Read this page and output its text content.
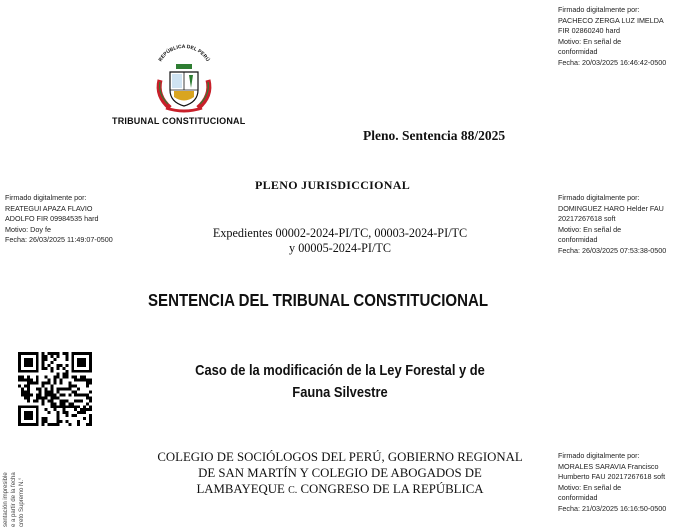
Firmado digitalmente por:
PACHECO ZERGA LUZ IMELDA
FIR 02860240 hard
Motivo: En señal de
conformidad
Fecha: 20/03/2025 16:46:42-0500
REPÚBLICA DEL PERÚ
TRIBUNAL CONSTITUCIONAL
Pleno. Sentencia 88/2025
PLENO JURISDICCIONAL
Firmado digitalmente por:
REATEGUI APAZA FLAVIO
ADOLFO FIR 09984535 hard
Motivo: Doy fe
Fecha: 26/03/2025 11:49:07-0500
Firmado digitalmente por:
DOMINGUEZ HARO Helder FAU
20217267618 soft
Motivo: En señal de
conformidad
Fecha: 26/03/2025 07:53:38-0500
Expedientes 00002-2024-PI/TC, 00003-2024-PI/TC
y 00005-2024-PI/TC
SENTENCIA DEL TRIBUNAL CONSTITUCIONAL
Caso de la modificación de la Ley Forestal y de
Fauna Silvestre
COLEGIO DE SOCIÓLOGOS DEL PERÚ, GOBIERNO REGIONAL
DE SAN MARTÍN Y COLEGIO DE ABOGADOS DE
LAMBAYEQUE C. CONGRESO DE LA REPÚBLICA
Firmado digitalmente por:
MORALES SARAVIA Francisco
Humberto FAU 20217267618 soft
Motivo: En señal de
conformidad
Fecha: 21/03/2025 16:16:50-0500
sentación impresible e a partir de la fecha creto Supremo N.°
